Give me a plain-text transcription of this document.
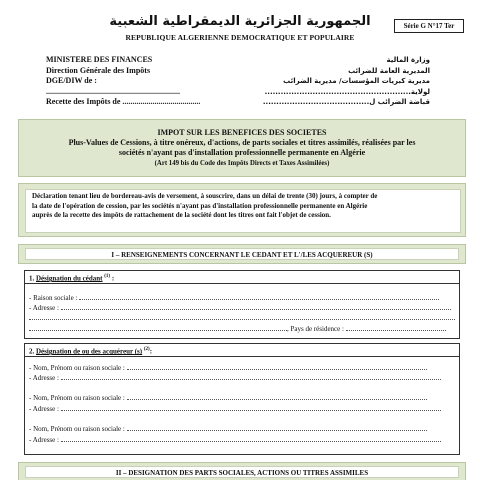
الجمهورية الجزائرية الديمقراطية الشعبية
REPUBLIQUE ALGERIENNE DEMOCRATIQUE ET POPULAIRE
Série G N°17 Ter
MINISTERE DES FINANCES
Direction Générale des Impôts
DGE/DIW de :
...................................................................
Recette des Impôts de .......................................
وزارة المالية
المديرية العامة للضرائب
مديرية كبريات المؤسسات/ مديرية الضرائب
لولاية.......................................................
قباضة الضرائب ل........................................
IMPOT SUR LES BENEFICES DES SOCIETES
Plus-Values de Cessions, à titre onéreux, d'actions, de parts sociales et titres assimilés, réalisées par les
sociétés n'ayant pas d'installation professionnelle permanente en Algérie
(Art 149 bis du Code des Impôts Directs et Taxes Assimilées)
Déclaration tenant lieu de bordereau-avis de versement, à souscrire, dans un délai de trente (30) jours, à compter de
la date de l'opération de cession, par les sociétés n'ayant pas d'installation professionnelle permanente en Algérie
auprès de la recette des impôts de rattachement de la société dont les titres ont fait l'objet de cession.
I – RENSEIGNEMENTS CONCERNANT LE CEDANT ET L'/LES ACQUEREUR (S)
1. Désignation du cédant $^{(1)}$ :
- Raison sociale :
- Adresse :
, Pays de résidence :
2. Désignation de ou des acquéreur (s) $^{(2)}$:
- Nom, Prénom ou raison sociale :
- Adresse :
- Nom, Prénom ou raison sociale :
- Adresse :
- Nom, Prénom ou raison sociale :
- Adresse :
II – DESIGNATION DES PARTS SOCIALES, ACTIONS OU TITRES ASSIMILES
